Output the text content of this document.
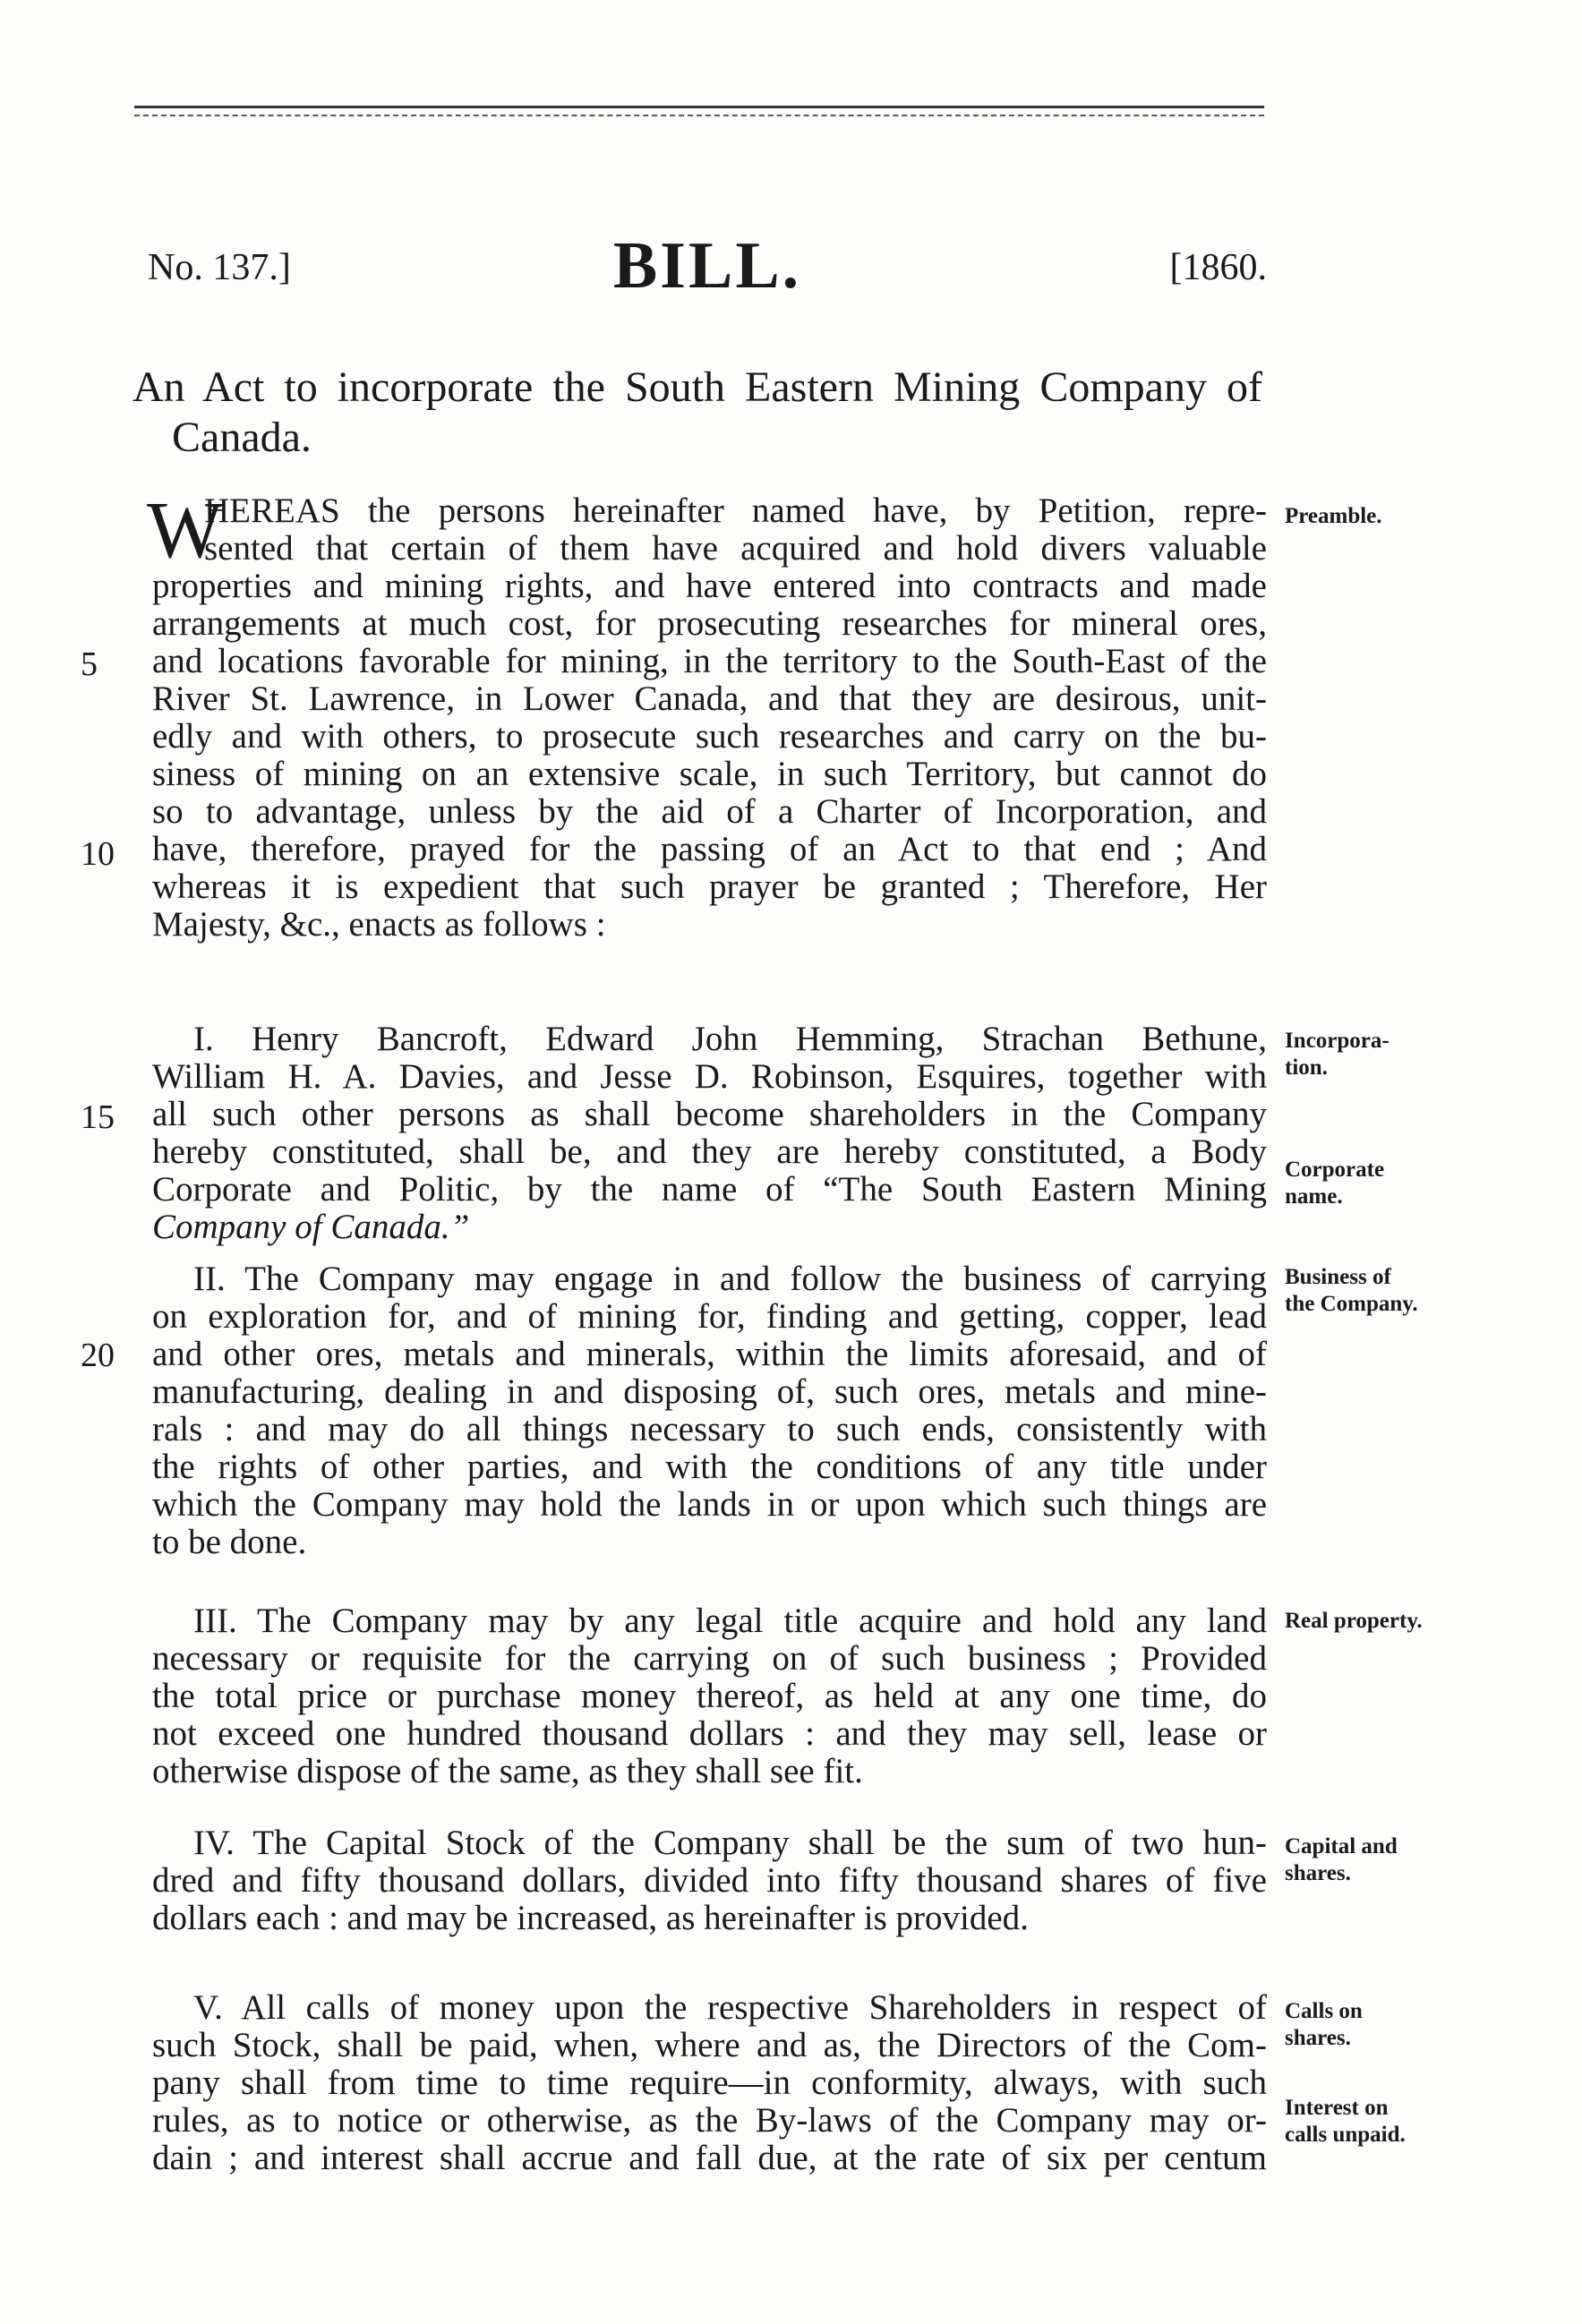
No. 137.]	BILL.	[1860.
An Act to incorporate the South Eastern Mining Company of
Canada.
W
HEREAS the persons hereinafter named have, by Petition, repre-
sented that certain of them have acquired and hold divers valuable
properties and mining rights, and have entered into contracts and made
arrangements at much cost, for prosecuting researches for mineral ores,
and locations favorable for mining, in the territory to the South-East of the
River St. Lawrence, in Lower Canada, and that they are desirous, unit-
edly and with others, to prosecute such researches and carry on the bu-
siness of mining on an extensive scale, in such Territory, but cannot do
so to advantage, unless by the aid of a Charter of Incorporation, and
have, therefore, prayed for the passing of an Act to that end ; And
whereas it is expedient that such prayer be granted ; Therefore, Her
Majesty, &c., enacts as follows :
I. Henry Bancroft, Edward John Hemming, Strachan Bethune,
William H. A. Davies, and Jesse D. Robinson, Esquires, together with
all such other persons as shall become shareholders in the Company
hereby constituted, shall be, and they are hereby constituted, a Body
Corporate and Politic, by the name of “The South Eastern Mining
Company of Canada.”
II. The Company may engage in and follow the business of carrying
on exploration for, and of mining for, finding and getting, copper, lead
and other ores, metals and minerals, within the limits aforesaid, and of
manufacturing, dealing in and disposing of, such ores, metals and mine-
rals : and may do all things necessary to such ends, consistently with
the rights of other parties, and with the conditions of any title under
which the Company may hold the lands in or upon which such things are
to be done.
III. The Company may by any legal title acquire and hold any land
necessary or requisite for the carrying on of such business ; Provided
the total price or purchase money thereof, as held at any one time, do
not exceed one hundred thousand dollars : and they may sell, lease or
otherwise dispose of the same, as they shall see fit.
IV. The Capital Stock of the Company shall be the sum of two hun-
dred and fifty thousand dollars, divided into fifty thousand shares of five
dollars each : and may be increased, as hereinafter is provided.
V. All calls of money upon the respective Shareholders in respect of
such Stock, shall be paid, when, where and as, the Directors of the Com-
pany shall from time to time require—in conformity, always, with such
rules, as to notice or otherwise, as the By-laws of the Company may or-
dain ; and interest shall accrue and fall due, at the rate of six per centum
5
10
15
20
Preamble.
Incorpora-
tion.
Corporate
name.
Business of
the Company.
Real property.
Capital and
shares.
Calls on
shares.
Interest on
calls unpaid.
